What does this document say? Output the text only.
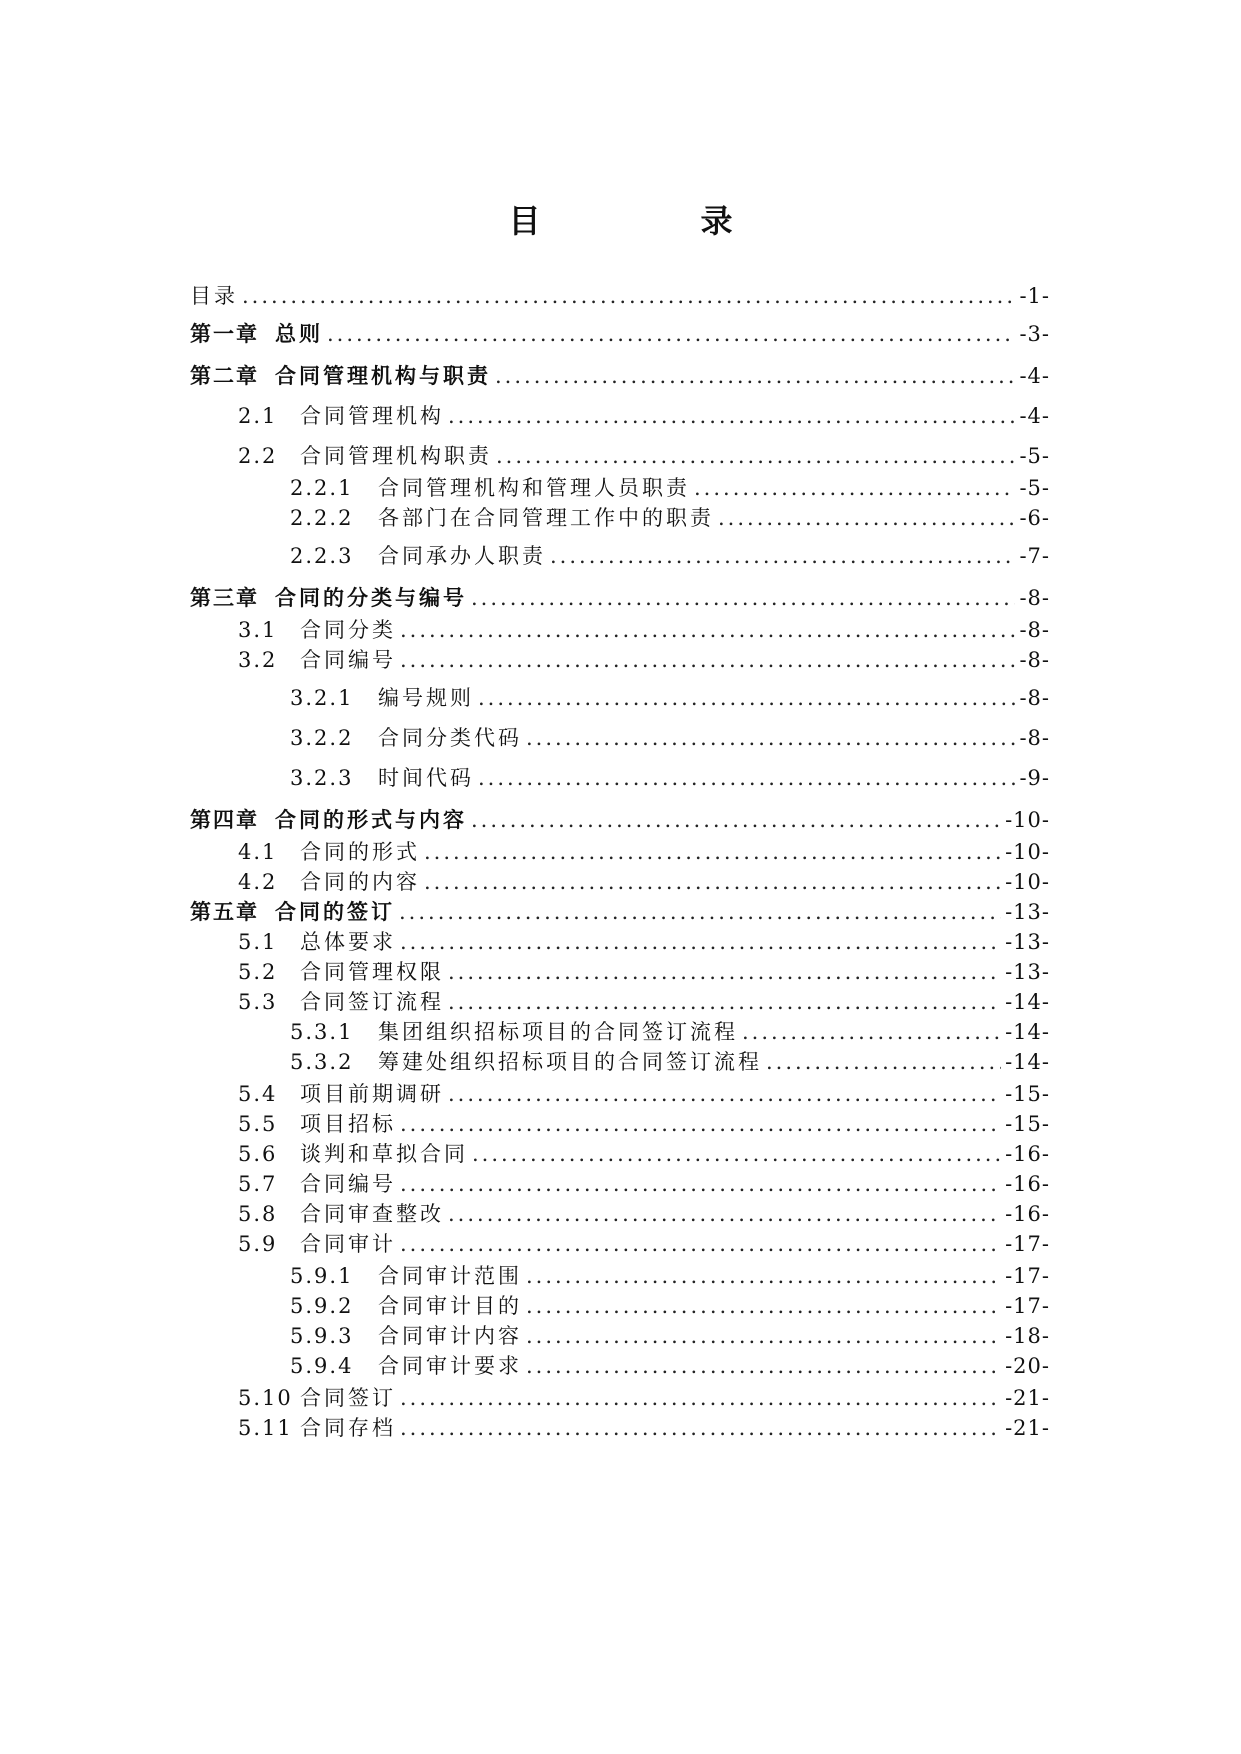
目　录
目录 .....	-1-
第一章 总则 .....	-3-
第二章 合同管理机构与职责 .....	-4-
2.1 合同管理机构 .....	-4-
2.2 合同管理机构职责 .....	-5-
2.2.1 合同管理机构和管理人员职责 .....	-5-
2.2.2 各部门在合同管理工作中的职责 .....	-6-
2.2.3 合同承办人职责 .....	-7-
第三章 合同的分类与编号 .....	-8-
3.1 合同分类 .....	-8-
3.2 合同编号 .....	-8-
3.2.1 编号规则 .....	-8-
3.2.2 合同分类代码 .....	-8-
3.2.3 时间代码 .....	-9-
第四章 合同的形式与内容 .....	-10-
4.1 合同的形式 .....	-10-
4.2 合同的内容 .....	-10-
第五章 合同的签订 .....	-13-
5.1 总体要求 .....	-13-
5.2 合同管理权限 .....	-13-
5.3 合同签订流程 .....	-14-
5.3.1 集团组织招标项目的合同签订流程 .....	-14-
5.3.2 筹建处组织招标项目的合同签订流程 .....	-14-
5.4 项目前期调研 .....	-15-
5.5 项目招标 .....	-15-
5.6 谈判和草拟合同 .....	-16-
5.7 合同编号 .....	-16-
5.8 合同审查整改 .....	-16-
5.9 合同审计 .....	-17-
5.9.1 合同审计范围 .....	-17-
5.9.2 合同审计目的 .....	-17-
5.9.3 合同审计内容 .....	-18-
5.9.4 合同审计要求 .....	-20-
5.10 合同签订 .....	-21-
5.11 合同存档 .....	-21-
